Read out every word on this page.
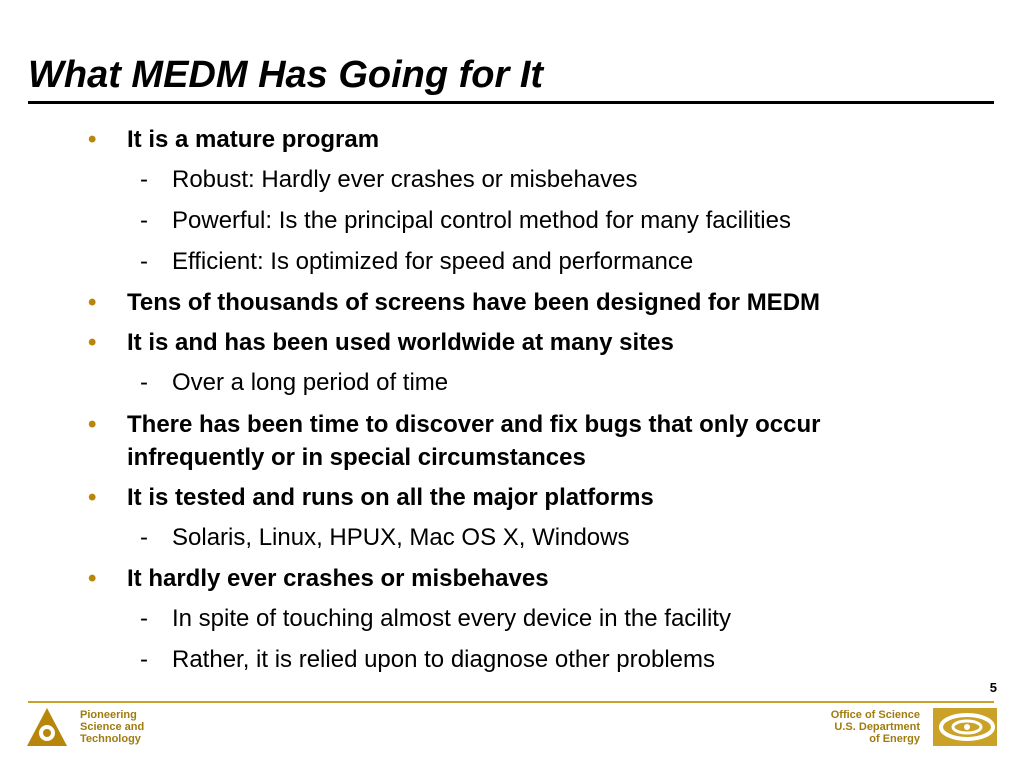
What MEDM Has Going for It
• It is a mature program
- Robust: Hardly ever crashes or misbehaves
- Powerful: Is the principal control method for many facilities
- Efficient: Is optimized for speed and performance
• Tens of thousands of screens have been designed for MEDM
• It is and has been used worldwide at many sites
- Over a long period of time
• There has been time to discover and fix bugs that only occur
infrequently or in special circumstances
• It is tested and runs on all the major platforms
- Solaris, Linux, HPUX, Mac OS X, Windows
• It hardly ever crashes or misbehaves
- In spite of touching almost every device in the facility
- Rather, it is relied upon to diagnose other problems
5
Pioneering
Science and
Technology
Office of Science
U.S. Department
of Energy
